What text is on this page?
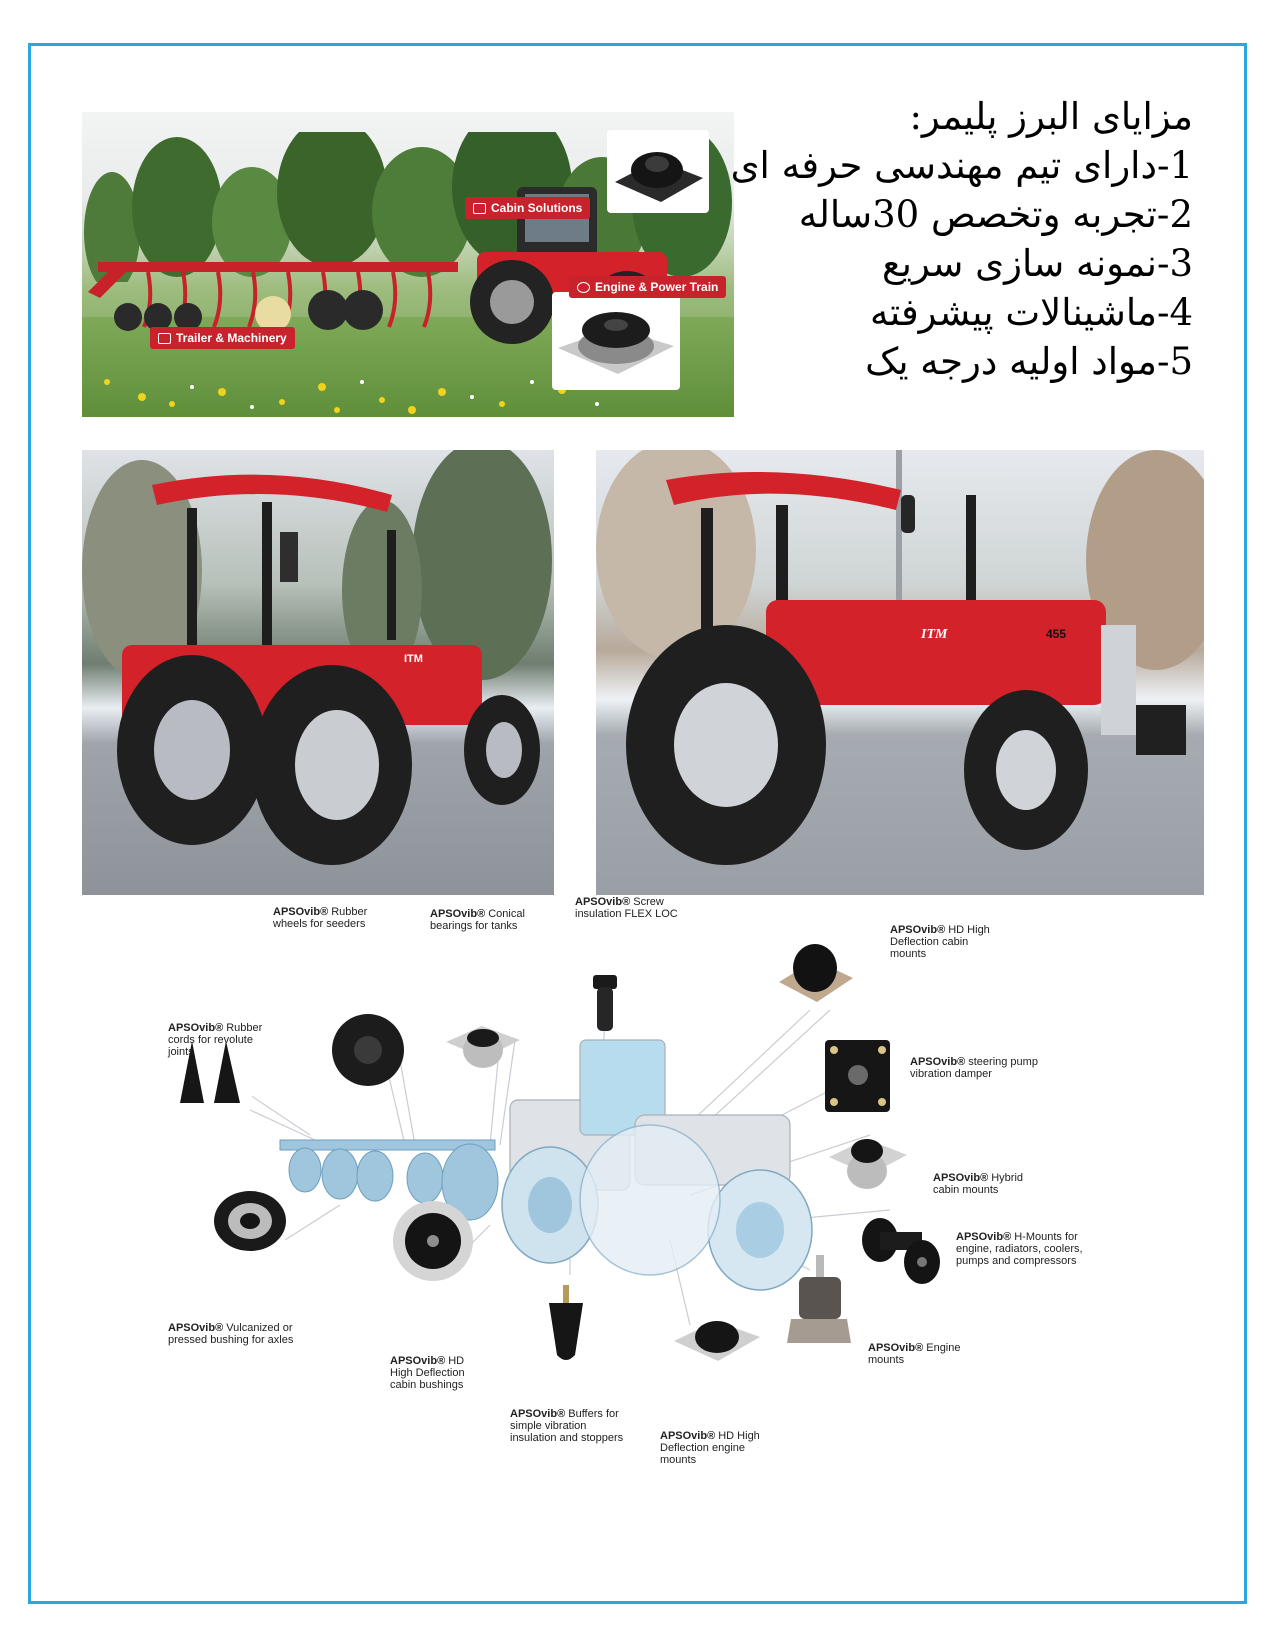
Cabin Solutions
Engine & Power Train
Trailer & Machinery
مزایای البرز پلیمر:
1-دارای تیم مهندسی حرفه ای
2-تجربه وتخصص 30ساله
3-نمونه سازی سریع
4-ماشینالات پیشرفته
5-مواد اولیه درجه یک
ITM
ITM	455
APSOvib® Rubber wheels for seeders
APSOvib® Conical bearings for tanks
APSOvib® Screw insulation FLEX LOC
APSOvib® HD High Deflection cabin mounts
APSOvib® Rubber cords for revolute joints
APSOvib® steering pump vibration damper
APSOvib® Hybrid cabin mounts
APSOvib® H-Mounts for engine, radiators, coolers, pumps and compressors
APSOvib® Vulcanized or pressed bushing for axles
APSOvib® Engine mounts
APSOvib® HD High Deflection cabin bushings
APSOvib® Buffers for simple vibration insulation and stoppers	APSOvib® HD High Deflection engine mounts
